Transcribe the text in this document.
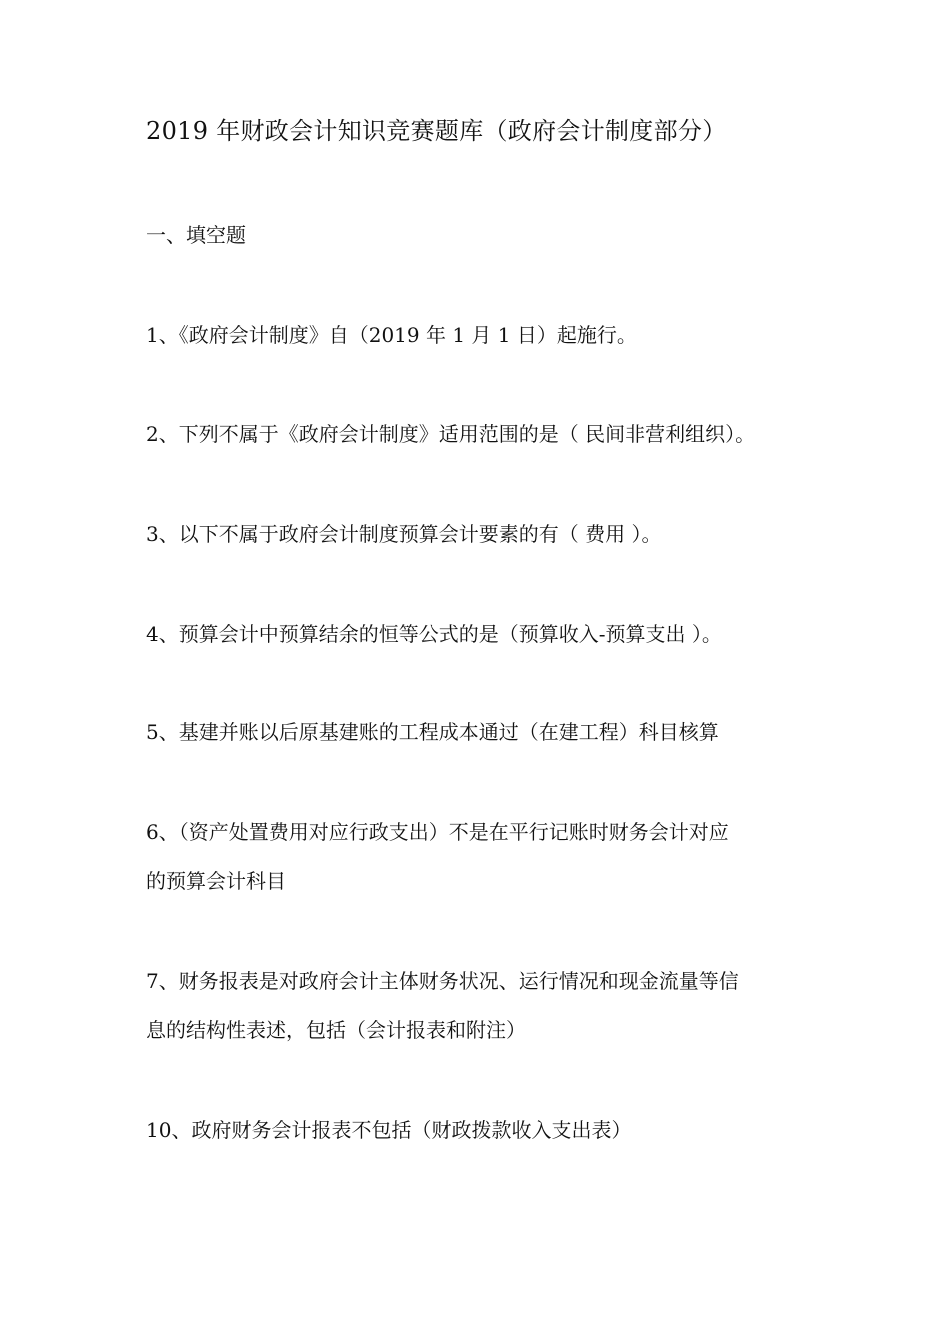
2019 年财政会计知识竞赛题库（政府会计制度部分）
一、填空题
1、《政府会计制度》自（2019 年 1 月 1 日）起施行。
2、下列不属于《政府会计制度》适用范围的是（ 民间非营利组织）。
3、以下不属于政府会计制度预算会计要素的有（ 费用 ）。
4、预算会计中预算结余的恒等公式的是（预算收入-预算支出 ）。
5、基建并账以后原基建账的工程成本通过（在建工程）科目核算
6、（资产处置费用对应行政支出）不是在平行记账时财务会计对应
的预算会计科目
7、财务报表是对政府会计主体财务状况、运行情况和现金流量等信
息的结构性表述，包括（会计报表和附注）
10、政府财务会计报表不包括（财政拨款收入支出表）
